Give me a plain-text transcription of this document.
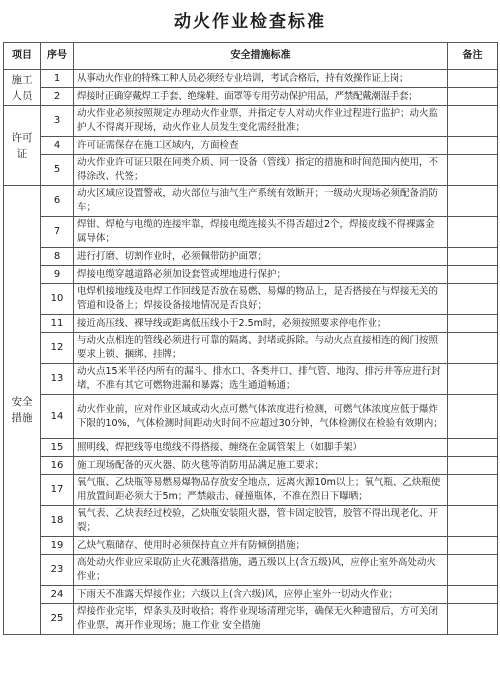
动火作业检查标准
项目	序号	安全措施标准	备注
施工
人员	1	从事动火作业的特殊工种人员必须经专业培训，考试合格后，持有效操作证上岗；	
	2	焊接时正确穿戴焊工手套、绝缘鞋、面罩等专用劳动保护用品，严禁配戴潮湿手套；	
许可
证	3	动火作业必须按照规定办理动火作业票，并指定专人对动火作业过程进行监护；动火监护人不得离开现场，动火作业人员发生变化需经批准；	
	4	许可证需保存在施工区域内，方面检查	
	5	动火作业许可证只限在同类介质、同一设备（管线）指定的措施和时间范围内使用，不得涂改、代签；	
安全
措施	6	动火区域应设置警戒，动火部位与油气生产系统有效断开；一级动火现场必须配备消防 车；	
	7	焊钳、焊枪与电缆的连接牢靠，焊接电缆连接头不得否超过2个，焊接皮线不得裸露金属导体；	
	8	进行打磨、切割作业时，必须佩带防护面罩；	
	9	焊接电缆穿越道路必须加设套管或埋地进行保护；	
	10	电焊机接地线及电焊工作回线是否放在易燃、易爆的物品上，是否搭接在与焊接无关的管道和设备上；焊接设备接地情况是否良好；	
	11	接近高压线、裸导线或距离低压线小于2.5m时，必须按照要求停电作业；	
	12	与动火点相连的管线必须进行可靠的隔离、封堵或拆除。与动火点直接相连的阀门按照要求上锁、捆绑、挂牌；	
	13	动火点15米半径内所有的漏斗、排水口、各类井口、排气管、地沟、排污井等应进行封堵，不准有其它可燃物进漏和暴露；选生通道畅通；	
	14	动火作业前，应对作业区域或动火点可燃气体浓度进行检测，可燃气体浓度应低于爆炸下限的10%，气体检测时间距动火时间不应超过30分钟，气体检测仪在检验有效期内；	
	15	照明线、焊把线等电缆线不得搭接、缠绕在金属管架上（如脚手架）	
	16	施工现场配备的灭火器、防火毯等消防用品满足施工要求；	
	17	氧气瓶、乙炔瓶等易燃易爆物品存放安全地点，远离火源10m以上；氧气瓶、乙炔瓶使用放置间距必须大于5m；严禁敲击、碰撞瓶体，不准在烈日下曝晒；	
	18	氧气表、乙炔表经过校验，乙炔瓶安装阻火器，管卡固定胶管，胶管不得出现老化、开 裂；	
	19	乙炔气瓶储存、使用时必须保持直立并有防倾倒措施；	
	23	高处动火作业应采取防止火花溅落措施，遇五级以上(含五级)风，应停止室外高处动火作业；	
	24	下雨天不准露天焊接作业；六级以上(含六级)风，应停止室外一切动火作业；	
	25	焊接作业完毕，焊条头及时收拾；将作业现场清理完毕，确保无火种遗留后，方可关闭作业票，离开作业现场；施工作业 安全措施	
